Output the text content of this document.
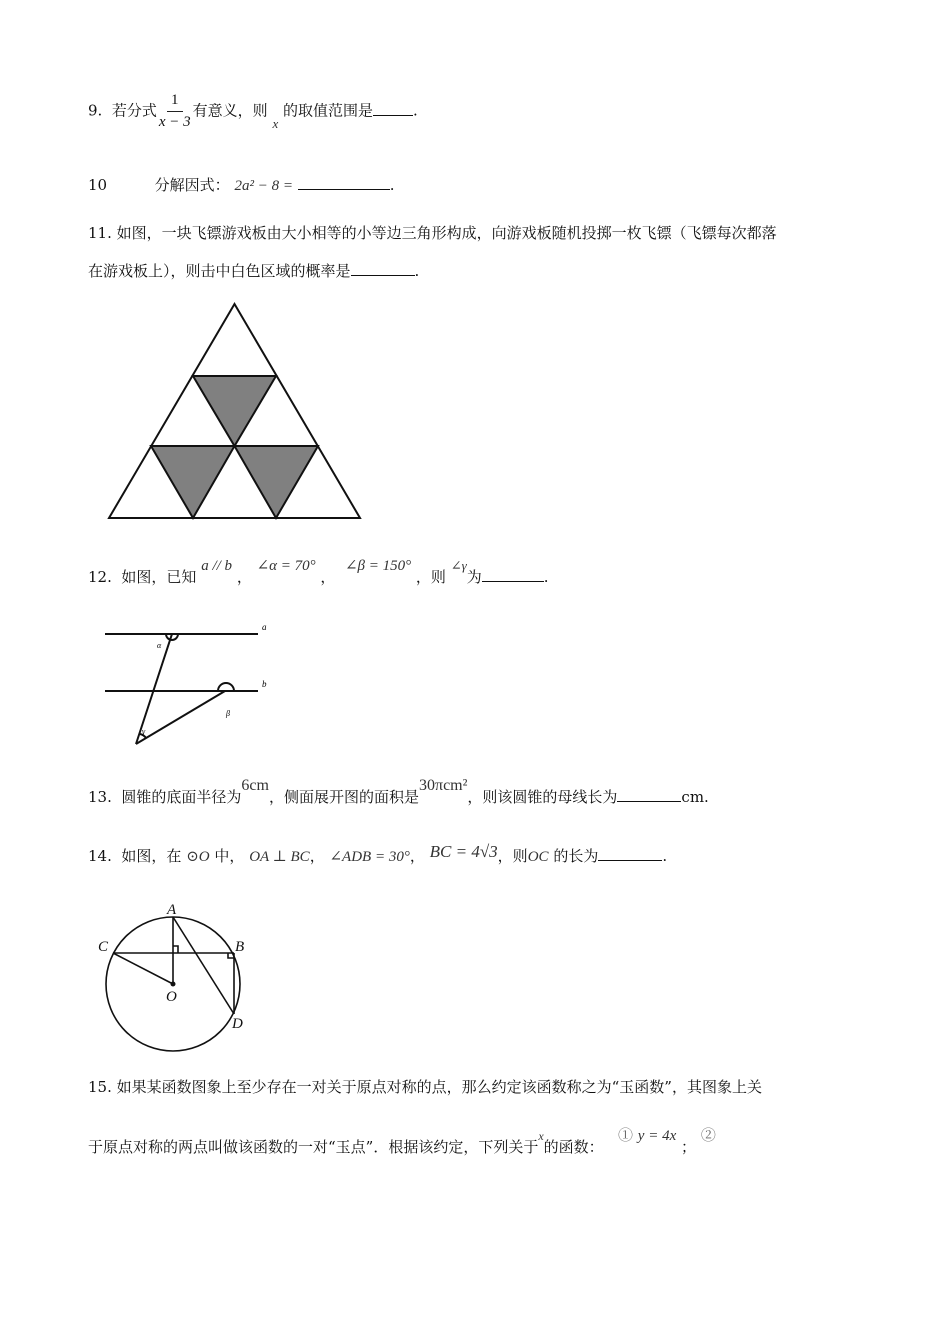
9. 若分式 $\frac{1}{x - 3}$ 有意义，则 x 的取值范围是	.
10	分解因式： 2a² − 8 =	.
11. 如图，一块飞镖游戏板由大小相等的小等边三角形构成，向游戏板随机投掷一枚飞镖（飞镖每次都落
在游戏板上），则击中白色区域的概率是	.
12. 如图，已知 a // b ， ∠α = 70° ，  ∠β = 150° ，则 ∠γ为	.
a
b
α
β
γ
13. 圆锥的底面半径为6cm，侧面展开图的面积是30πcm²，则该圆锥的母线长为	cm.
14. 如图，在 ⊙O 中， OA ⊥ BC， ∠ADB = 30°， BC = 4√3，则OC 的长为	.
A
B
C
D
O
15. 如果某函数图象上至少存在一对关于原点对称的点，那么约定该函数称之为“玉函数”，其图象上关
于原点对称的两点叫做该函数的一对“玉点”．根据该约定，下列关于$^x$的函数：   ① y = 4x ； ②
